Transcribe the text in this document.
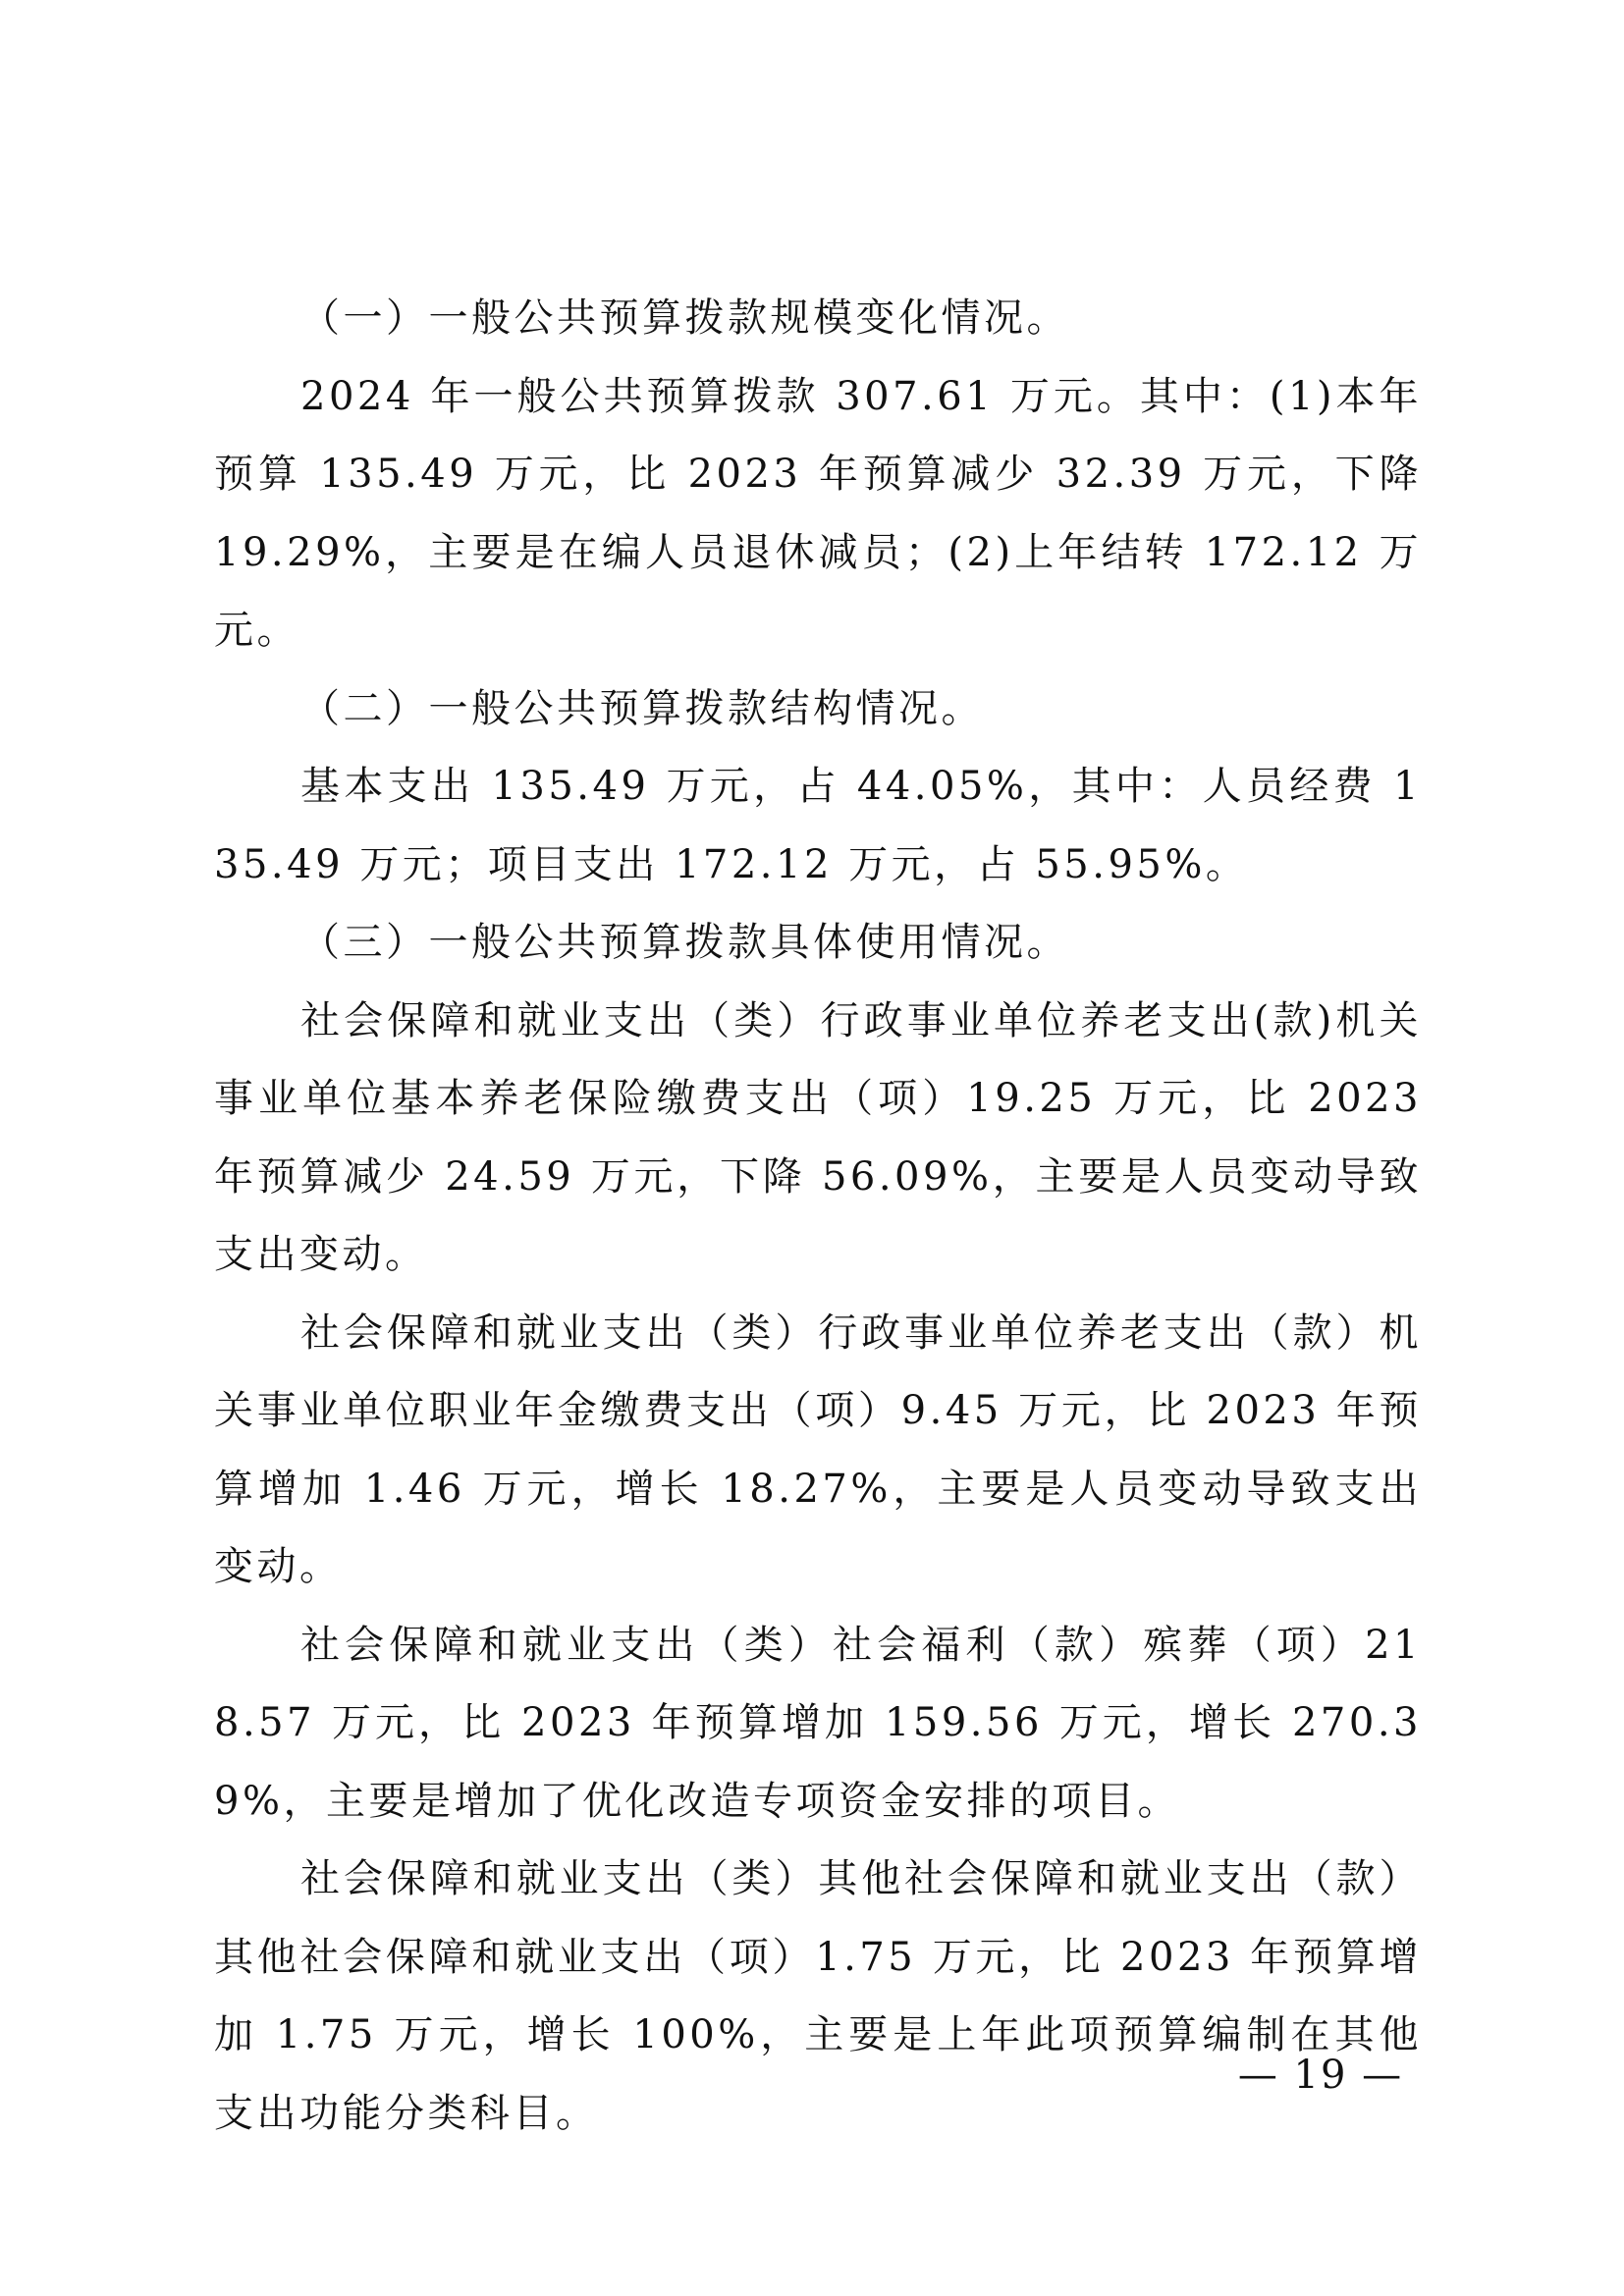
（一）一般公共预算拨款规模变化情况。

2024 年一般公共预算拨款 307.61 万元。其中：(1)本年预算 135.49 万元，比 2023 年预算减少 32.39 万元，下降 19.29%，主要是在编人员退休减员；(2)上年结转 172.12 万元。

（二）一般公共预算拨款结构情况。

基本支出 135.49 万元，占 44.05%，其中：人员经费 135.49 万元；项目支出 172.12 万元，占 55.95%。

（三）一般公共预算拨款具体使用情况。

社会保障和就业支出（类）行政事业单位养老支出(款)机关事业单位基本养老保险缴费支出（项）19.25 万元，比 2023 年预算减少 24.59 万元，下降 56.09%，主要是人员变动导致支出变动。

社会保障和就业支出（类）行政事业单位养老支出（款）机关事业单位职业年金缴费支出（项）9.45 万元，比 2023 年预算增加 1.46 万元，增长 18.27%，主要是人员变动导致支出变动。

社会保障和就业支出（类）社会福利（款）殡葬（项）218.57 万元，比 2023 年预算增加 159.56 万元，增长 270.39%，主要是增加了优化改造专项资金安排的项目。

社会保障和就业支出（类）其他社会保障和就业支出（款）其他社会保障和就业支出（项）1.75 万元，比 2023 年预算增加 1.75 万元，增长 100%，主要是上年此项预算编制在其他支出功能分类科目。

— 19 —
